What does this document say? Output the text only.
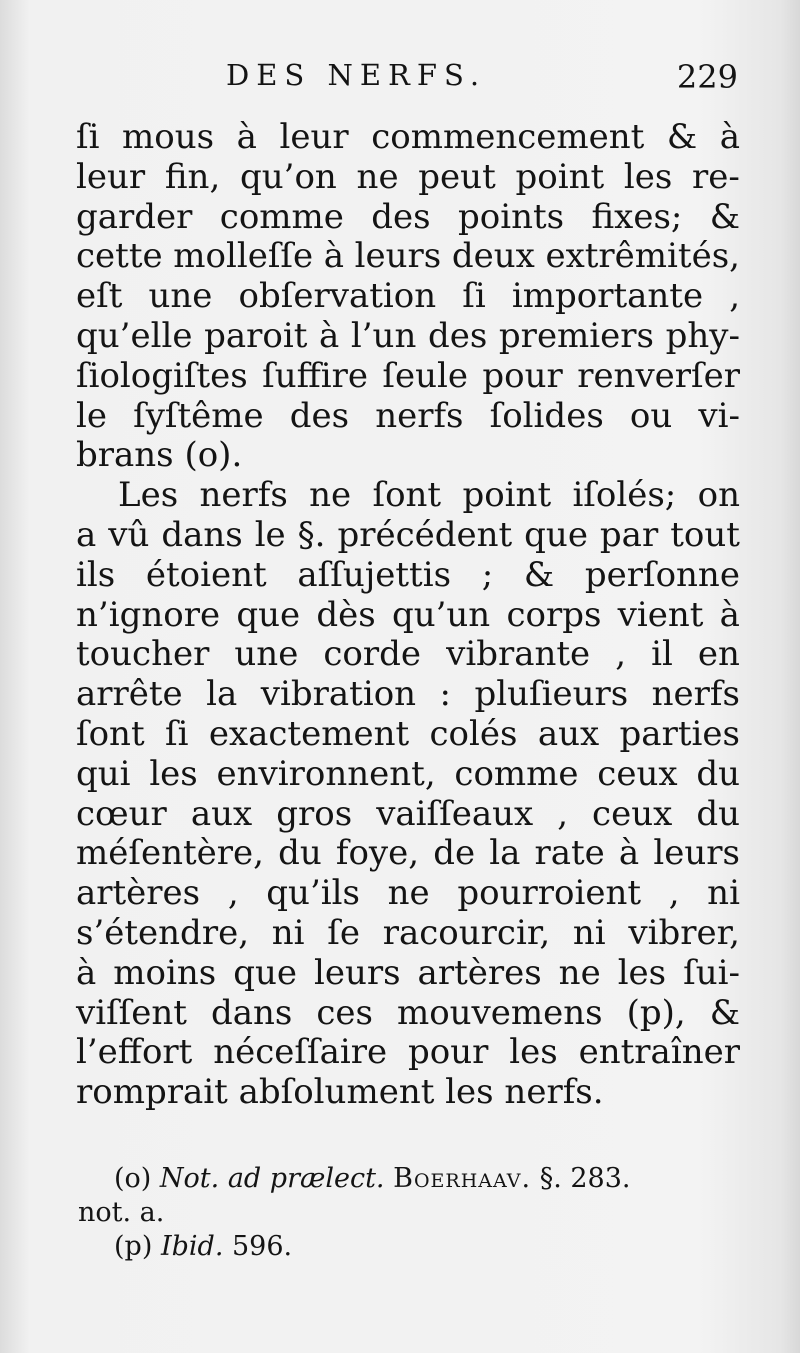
DES NERFS.	229
ſi mous à leur commencement & à
leur fin, qu’on ne peut point les re-
garder comme des points fixes; &
cette molleſſe à leurs deux extrêmités,
eſt une obſervation ſi importante ,
qu’elle paroit à l’un des premiers phy-
ſiologiſtes ſuffire ſeule pour renverſer
le ſyſtême des nerfs ſolides ou vi-
brans (o).
Les nerfs ne ſont point iſolés; on
a vû dans le §. précédent que par tout
ils étoient aſſujettis ; & perſonne
n’ignore que dès qu’un corps vient à
toucher une corde vibrante , il en
arrête la vibration : pluſieurs nerfs
ſont ſi exactement colés aux parties
qui les environnent, comme ceux du
cœur aux gros vaiſſeaux , ceux du
méſentère, du foye, de la rate à leurs
artères , qu’ils ne pourroient , ni
s’étendre, ni ſe racourcir, ni vibrer,
à moins que leurs artères ne les ſui-
viſſent dans ces mouvemens (p), &
l’effort néceſſaire pour les entraîner
romprait abſolument les nerfs.
(o) Not. ad prælect. Boerhaav. §. 283.
not. a.
(p) Ibid. 596.
